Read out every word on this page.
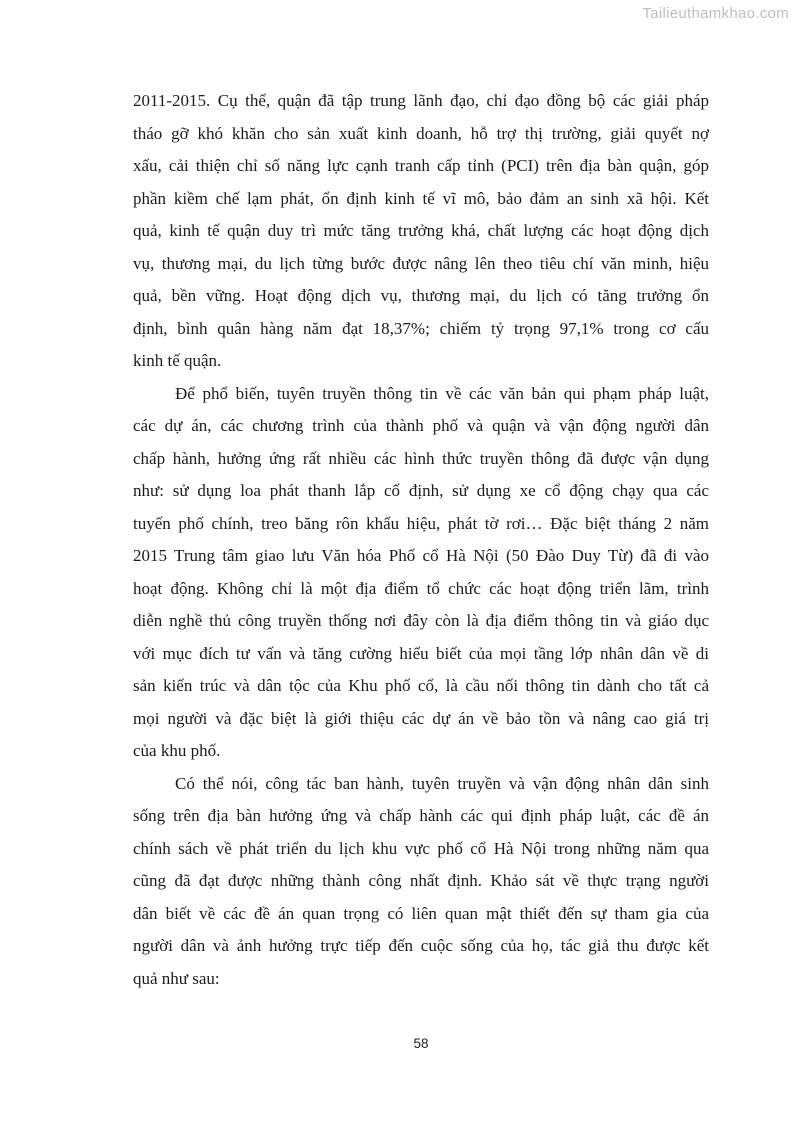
Tailieuthamkhao.com
2011-2015. Cụ thể, quận đã tập trung lãnh đạo, chỉ đạo đồng bộ các giải pháp
tháo gỡ khó khăn cho sản xuất kinh doanh, hỗ trợ thị trường, giải quyết nợ
xấu, cải thiện chỉ số năng lực cạnh tranh cấp tỉnh (PCI) trên địa bàn quận, góp
phần kiềm chế lạm phát, ổn định kinh tế vĩ mô, bảo đảm an sinh xã hội. Kết
quả, kinh tế quận duy trì mức tăng trưởng khá, chất lượng các hoạt động dịch
vụ, thương mại, du lịch từng bước được nâng lên theo tiêu chí văn minh, hiệu
quả, bền vững. Hoạt động dịch vụ, thương mại, du lịch có tăng trưởng ổn
định, bình quân hàng năm đạt 18,37%; chiếm tỷ trọng 97,1% trong cơ cấu
kinh tế quận.
Để phổ biến, tuyên truyền thông tin về các văn bản qui phạm pháp luật,
các dự án, các chương trình của thành phố và quận và vận động người dân
chấp hành, hưởng ứng rất nhiều các hình thức truyền thông đã được vận dụng
như: sử dụng loa phát thanh lắp cố định, sử dụng xe cổ động chạy qua các
tuyến phố chính, treo băng rôn khẩu hiệu, phát tờ rơi… Đặc biệt tháng 2 năm
2015 Trung tâm giao lưu Văn hóa Phố cổ Hà Nội (50 Đào Duy Từ) đã đi vào
hoạt động. Không chỉ là một địa điểm tổ chức các hoạt động triển lãm, trình
diễn nghề thủ công truyền thống nơi đây còn là địa điểm thông tin và giáo dục
với mục đích tư vấn và tăng cường hiểu biết của mọi tầng lớp nhân dân về di
sản kiến trúc và dân tộc của Khu phố cổ, là cầu nối thông tin dành cho tất cả
mọi người và đặc biệt là giới thiệu các dự án về bảo tồn và nâng cao giá trị
của khu phố.
Có thể nói, công tác ban hành, tuyên truyền và vận động nhân dân sinh
sống trên địa bàn hưởng ứng và chấp hành các qui định pháp luật, các đề án
chính sách về phát triển du lịch khu vực phố cổ Hà Nội trong những năm qua
cũng đã đạt được những thành công nhất định. Khảo sát về thực trạng người
dân biết về các đề án quan trọng có liên quan mật thiết đến sự tham gia của
người dân và ảnh hưởng trực tiếp đến cuộc sống của họ, tác giả thu được kết
quả như sau:
58
